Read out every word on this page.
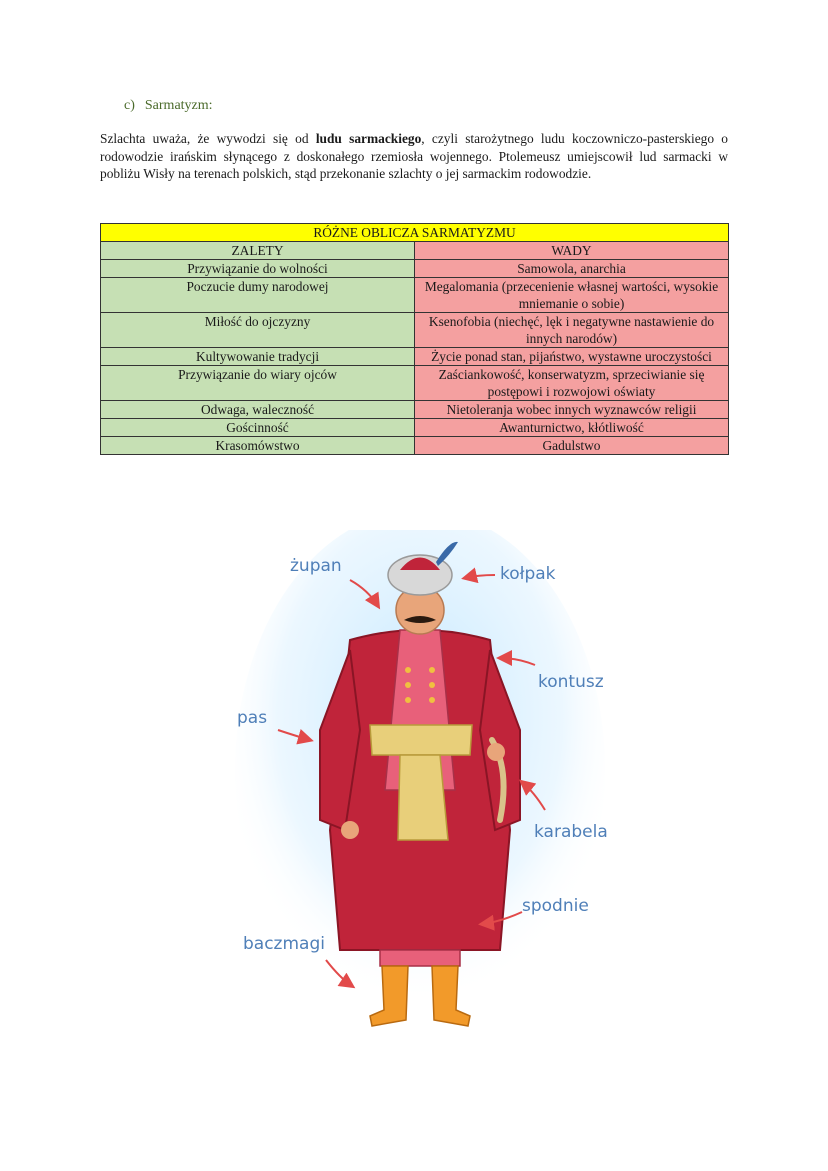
c) Sarmatyzm:

Szlachta uważa, że wywodzi się od ludu sarmackiego, czyli starożytnego ludu koczowniczo-pasterskiego o rodowodzie irańskim słynącego z doskonałego rzemiosła wojennego. Ptolemeusz umiejscowił lud sarmacki w pobliżu Wisły na terenach polskich, stąd przekonanie szlachty o jej sarmackim rodowodzie.

RÓŻNE OBLICZA SARMATYZMU	
ZALETY	WADY
Przywiązanie do wolności	Samowola, anarchia
Poczucie dumy narodowej	Megalomania (przecenienie własnej wartości, wysokie mniemanie o sobie)
Miłość do ojczyzny	Ksenofobia (niechęć, lęk i negatywne nastawienie do innych narodów)
Kultywowanie tradycji	Życie ponad stan, pijaństwo, wystawne uroczystości
Przywiązanie do wiary ojców	Zaściankowość, konserwatyzm, sprzeciwianie się postępowi i rozwojowi oświaty
Odwaga, waleczność	Nietoleranja wobec innych wyznawców religii
Gościnność	Awanturnictwo, kłótliwość
Krasomówstwo	Gadulstwo
żupan	kołpak
kontusz
pas
karabela
spodnie
baczmagi
